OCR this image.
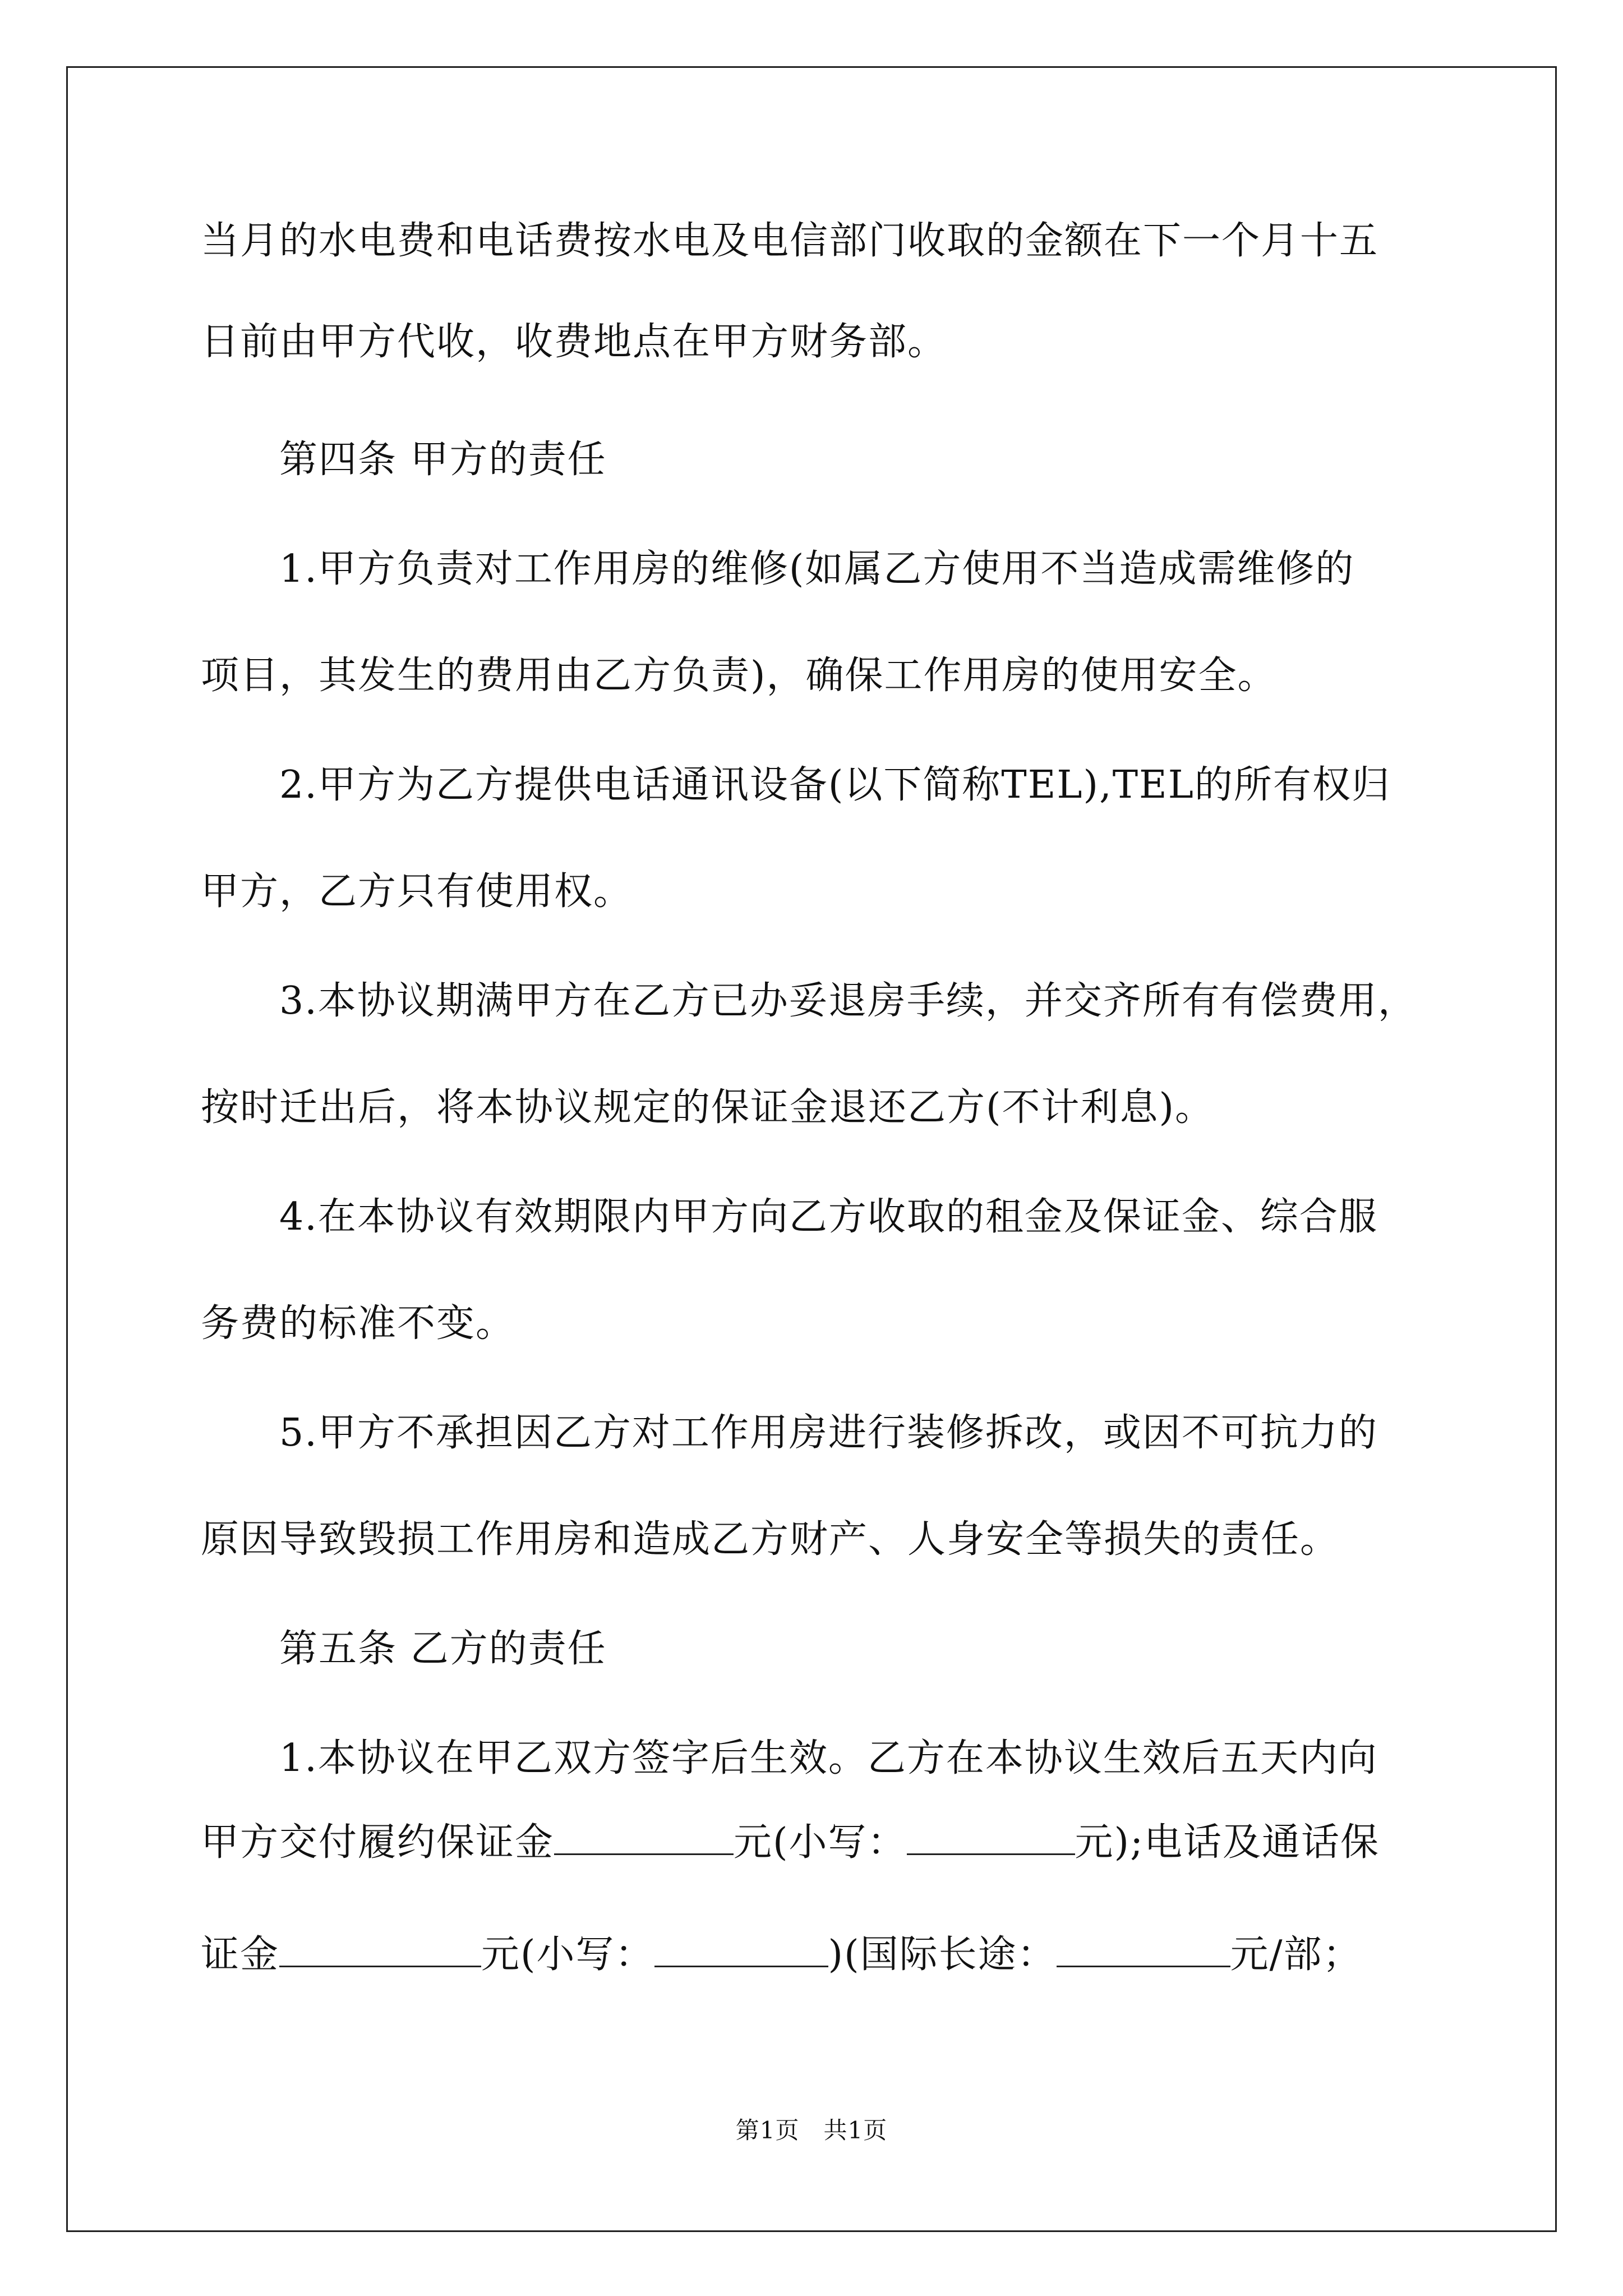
当月的水电费和电话费按水电及电信部门收取的金额在下一个月十五

日前由甲方代收，收费地点在甲方财务部。

第四条 甲方的责任

1.甲方负责对工作用房的维修(如属乙方使用不当造成需维修的

项目，其发生的费用由乙方负责)，确保工作用房的使用安全。

2.甲方为乙方提供电话通讯设备(以下简称TEL),TEL的所有权归

甲方，乙方只有使用权。

3.本协议期满甲方在乙方已办妥退房手续，并交齐所有有偿费用，

按时迁出后，将本协议规定的保证金退还乙方(不计利息)。

4.在本协议有效期限内甲方向乙方收取的租金及保证金、综合服

务费的标准不变。

5.甲方不承担因乙方对工作用房进行装修拆改，或因不可抗力的

原因导致毁损工作用房和造成乙方财产、人身安全等损失的责任。

第五条 乙方的责任

1.本协议在甲乙双方签字后生效。乙方在本协议生效后五天内向

甲方交付履约保证金	元(小写：	元);电话及通话保

证金	元(小写：	)(国际长途：	元/部；

第1页　共1页
